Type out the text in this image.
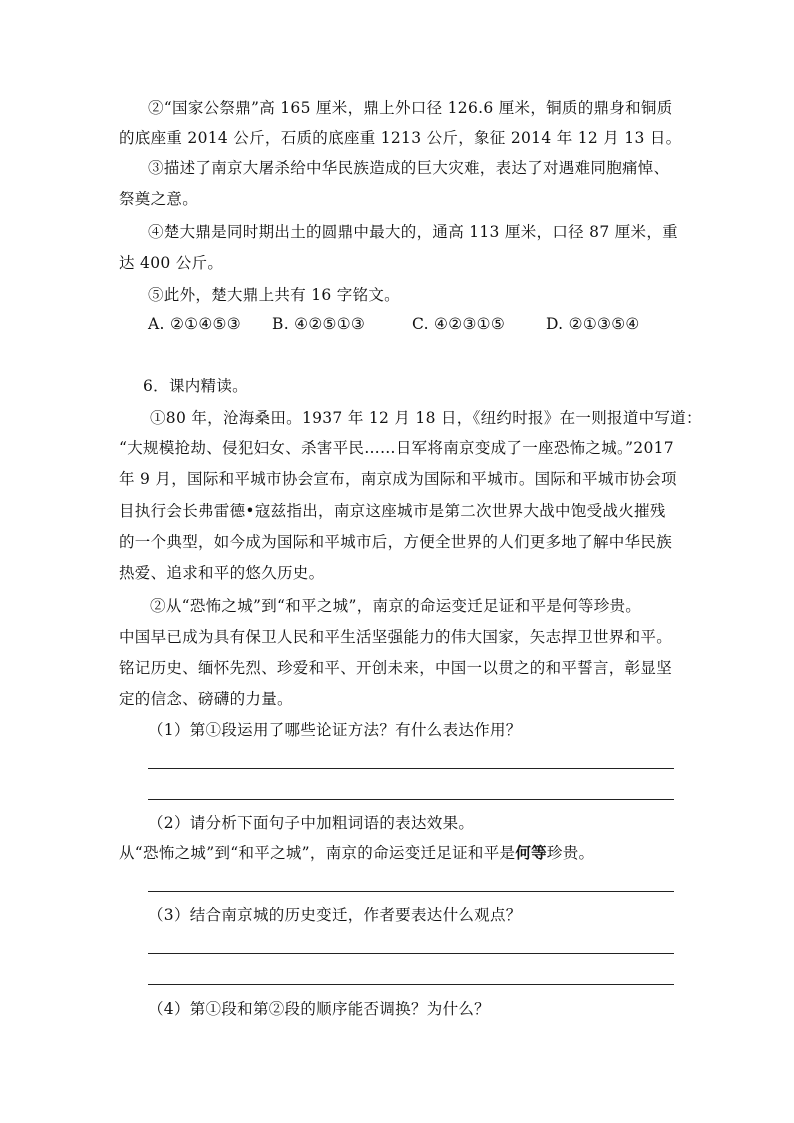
②“国家公祭鼎”高 165 厘米，鼎上外口径 126.6 厘米，铜质的鼎身和铜质
的底座重 2014 公斤，石质的底座重 1213 公斤，象征 2014 年 12 月 13 日。
③描述了南京大屠杀给中华民族造成的巨大灾难，表达了对遇难同胞痛悼、
祭奠之意。
④楚大鼎是同时期出土的圆鼎中最大的，通高 113 厘米，口径 87 厘米，重
达 400 公斤。
⑤此外，楚大鼎上共有 16 字铭文。
A. ②①④⑤③ B. ④②⑤①③	C. ④②③①⑤	D. ②①③⑤④
6．课内精读。
①80 年，沧海桑田。1937 年 12 月 18 日，《纽约时报》在一则报道中写道：
“大规模抢劫、侵犯妇女、杀害平民……日军将南京变成了一座恐怖之城。”2017
年 9 月，国际和平城市协会宣布，南京成为国际和平城市。国际和平城市协会项
目执行会长弗雷德•寇兹指出，南京这座城市是第二次世界大战中饱受战火摧残
的一个典型，如今成为国际和平城市后，方便全世界的人们更多地了解中华民族
热爱、追求和平的悠久历史。
②从“恐怖之城”到“和平之城”，南京的命运变迁足证和平是何等珍贵。
中国早已成为具有保卫人民和平生活坚强能力的伟大国家，矢志捍卫世界和平。
铭记历史、缅怀先烈、珍爱和平、开创未来，中国一以贯之的和平誓言，彰显坚
定的信念、磅礴的力量。
（1）第①段运用了哪些论证方法？有什么表达作用？
（2）请分析下面句子中加粗词语的表达效果。
从“恐怖之城”到“和平之城”，南京的命运变迁足证和平是何等珍贵。
（3）结合南京城的历史变迁，作者要表达什么观点？
（4）第①段和第②段的顺序能否调换？为什么？
